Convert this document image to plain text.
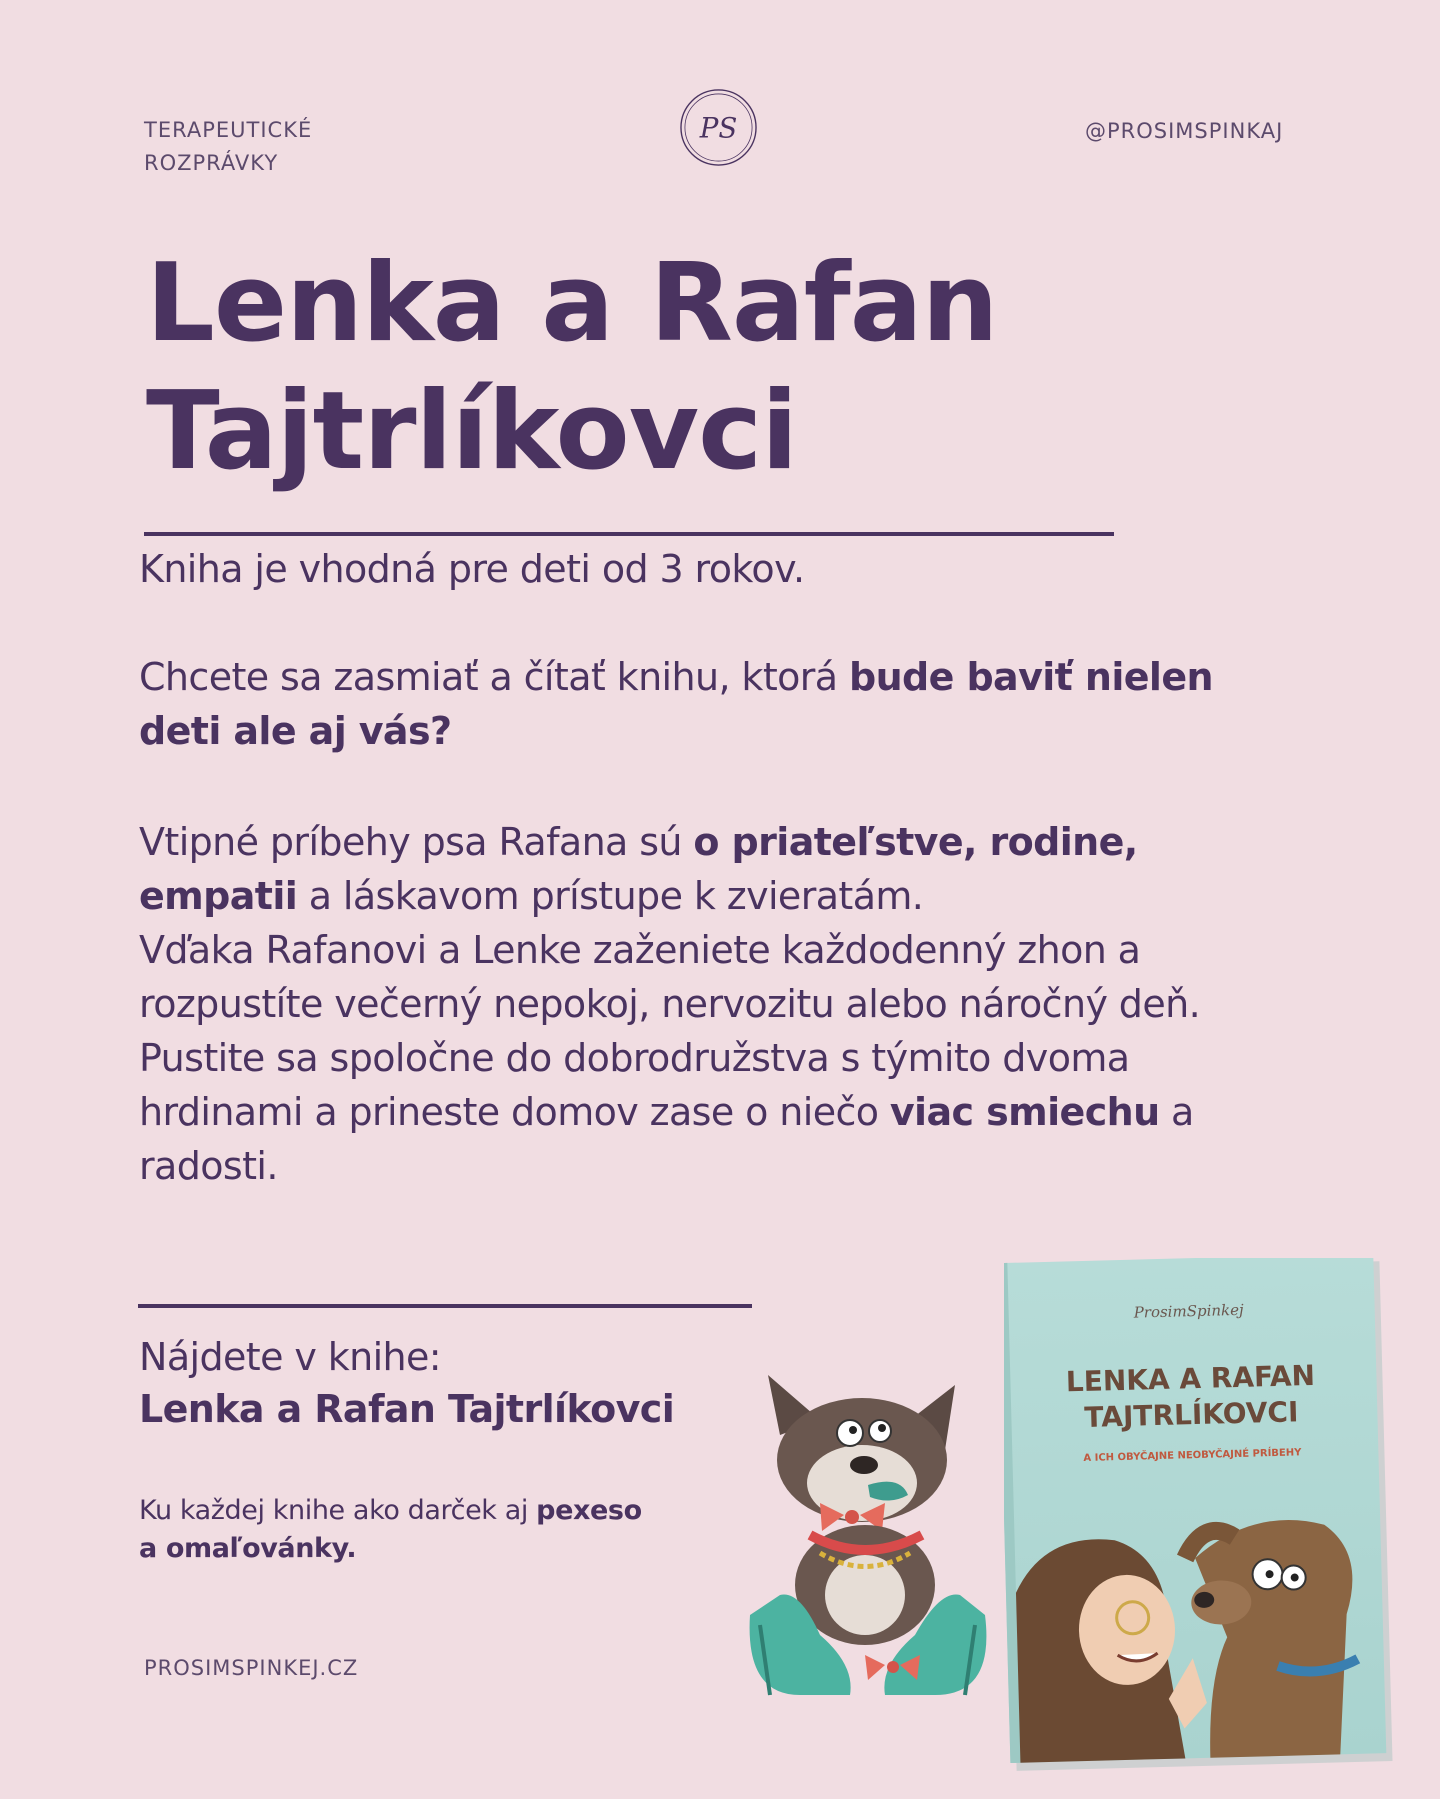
TERAPEUTICKÉ
ROZPRÁVKY
PS	@PROSIMSPINKAJ
Lenka a Rafan
Tajtrlíkovci
Kniha je vhodná pre deti od 3 rokov.
Chcete sa zasmiať a čítať knihu, ktorá bude baviť nielen deti ale aj vás?
Vtipné príbehy psa Rafana sú o priateľstve, rodine, empatii a láskavom prístupe k zvieratám.
Vďaka Rafanovi a Lenke zaženiete každodenný zhon a rozpustíte večerný nepokoj, nervozitu alebo náročný deň.
Pustite sa spoločne do dobrodružstva s týmito dvoma hrdinami a prineste domov zase o niečo viac smiechu a radosti.
Nájdete v knihe:
Lenka a Rafan Tajtrlíkovci
Ku každej knihe ako darček aj pexeso
a omaľovánky.
PROSIMSPINKEJ.CZ
ProsimSpinkej
LENKA A RAFAN
TAJTRLÍKOVCI
A ICH OBYČAJNE NEOBYČAJNÉ PRÍBEHY
